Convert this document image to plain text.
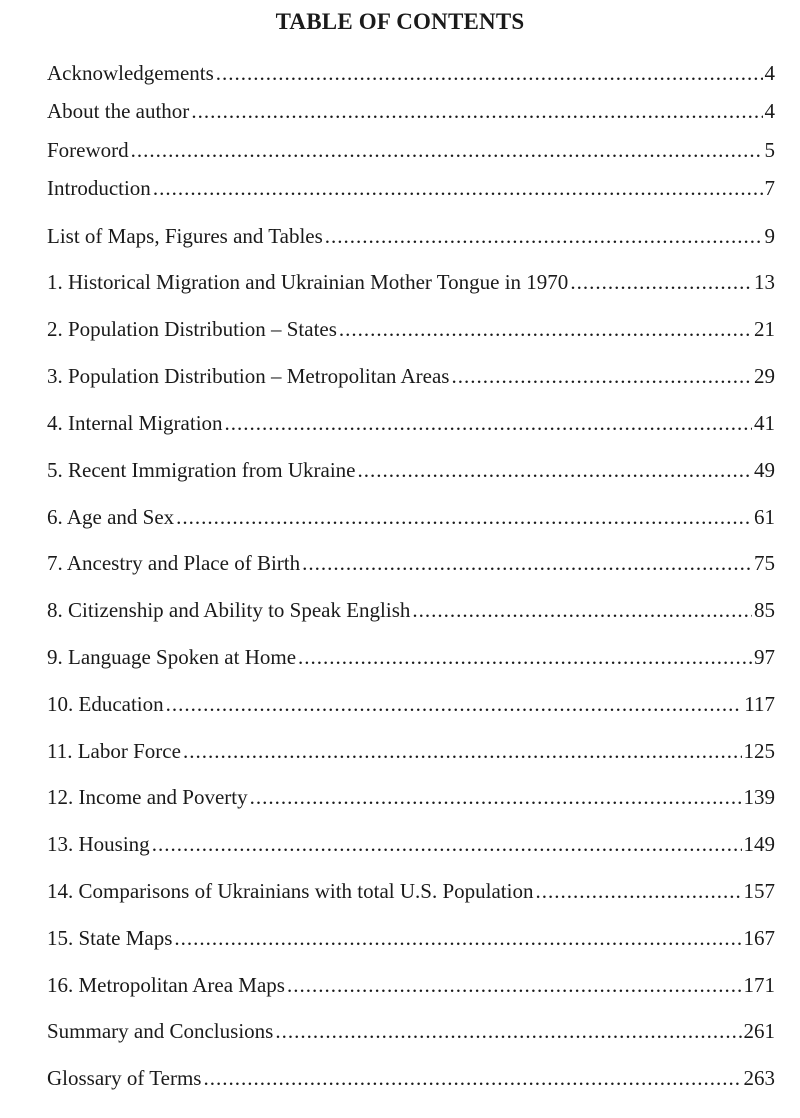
TABLE OF CONTENTS
Acknowledgements .....	4
About the author .....	4
Foreword .....	5
Introduction .....	7
List of Maps, Figures and Tables .....	9
1. Historical Migration and Ukrainian Mother Tongue in 1970 .....	13
2. Population Distribution – States .....	21
3. Population Distribution – Metropolitan Areas .....	29
4. Internal Migration .....	41
5. Recent Immigration from Ukraine .....	49
6. Age and Sex .....	61
7. Ancestry and Place of Birth .....	75
8. Citizenship and Ability to Speak English .....	85
9. Language Spoken at Home .....	97
10. Education .....	117
11. Labor Force .....	125
12. Income and Poverty .....	139
13. Housing .....	149
14. Comparisons of Ukrainians with total U.S. Population .....	157
15. State Maps .....	167
16. Metropolitan Area Maps .....	171
Summary and Conclusions .....	261
Glossary of Terms .....	263
